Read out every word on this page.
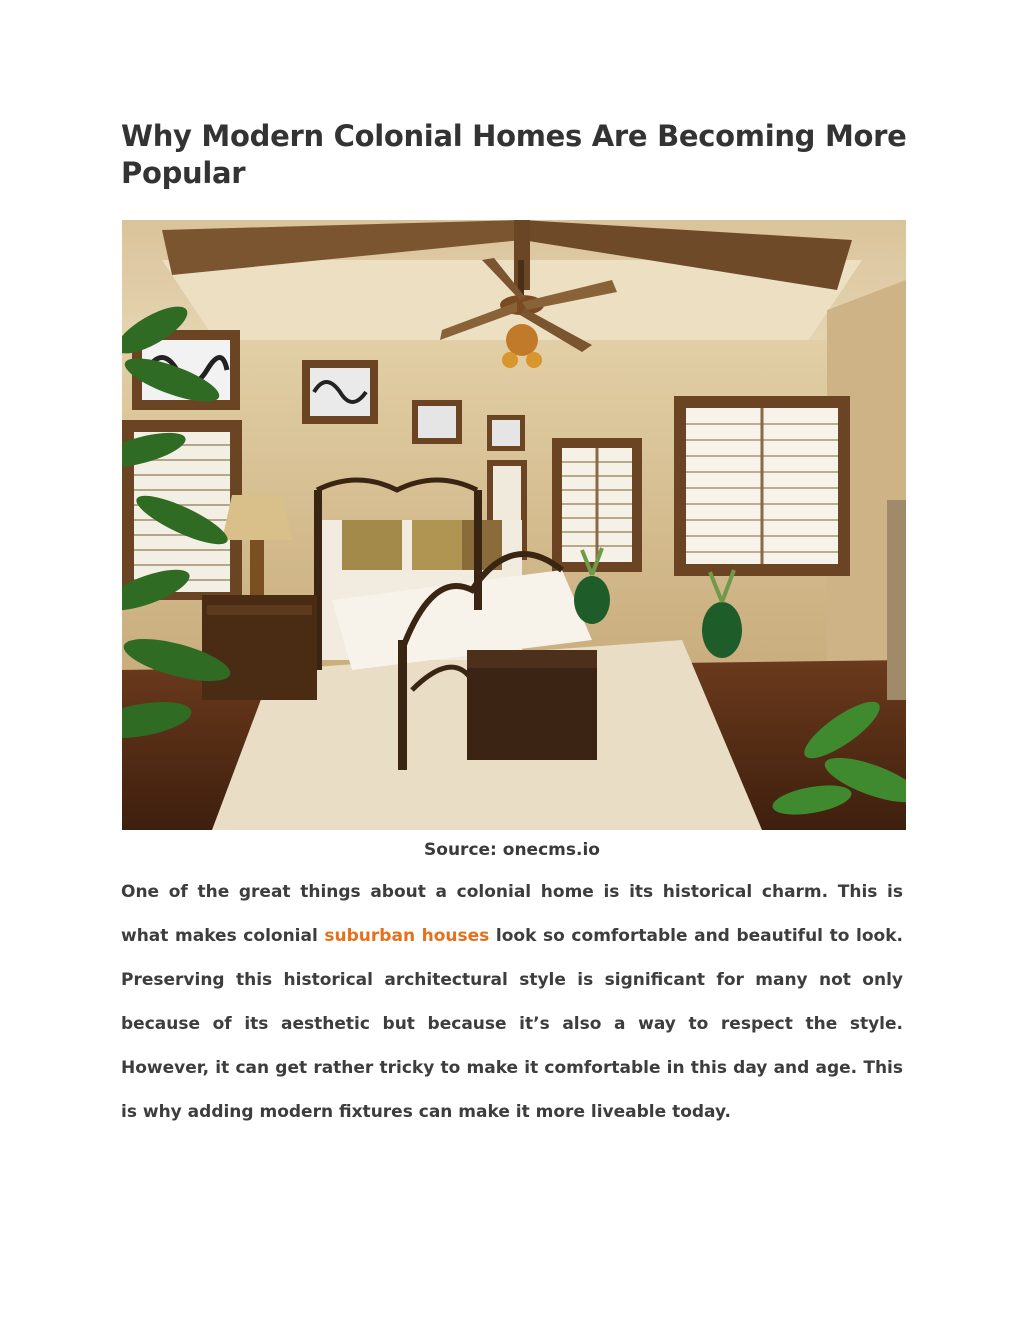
Why Modern Colonial Homes Are Becoming More Popular
Source: onecms.io

One of the great things about a colonial home is its historical charm. This is what makes colonial suburban houses look so comfortable and beautiful to look. Preserving this historical architectural style is significant for many not only because of its aesthetic but because it’s also a way to respect the style. However, it can get rather tricky to make it comfortable in this day and age. This is why adding modern fixtures can make it more liveable today.
